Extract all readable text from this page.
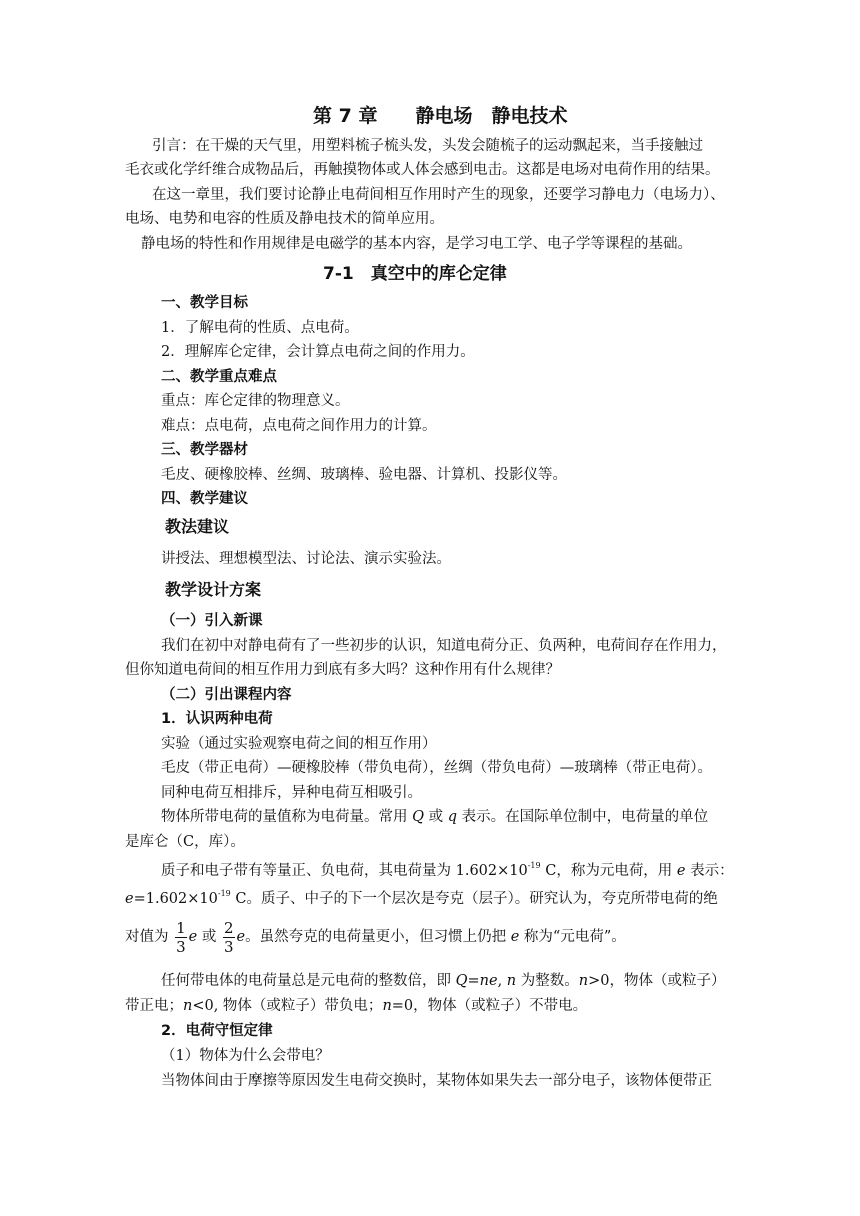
第 7 章　　静电场　静电技术
引言：在干燥的天气里，用塑料梳子梳头发，头发会随梳子的运动飘起来，当手接触过
毛衣或化学纤维合成物品后，再触摸物体或人体会感到电击。这都是电场对电荷作用的结果。
在这一章里，我们要讨论静止电荷间相互作用时产生的现象，还要学习静电力（电场力）、
电场、电势和电容的性质及静电技术的简单应用。
静电场的特性和作用规律是电磁学的基本内容，是学习电工学、电子学等课程的基础。
7-1　真空中的库仑定律
一、教学目标
1．了解电荷的性质、点电荷。
2．理解库仑定律，会计算点电荷之间的作用力。
二、教学重点难点
重点：库仑定律的物理意义。
难点：点电荷，点电荷之间作用力的计算。
三、教学器材
毛皮、硬橡胶棒、丝绸、玻璃棒、验电器、计算机、投影仪等。
四、教学建议
教法建议
讲授法、理想模型法、讨论法、演示实验法。
教学设计方案
（一）引入新课
我们在初中对静电荷有了一些初步的认识，知道电荷分正、负两种，电荷间存在作用力，
但你知道电荷间的相互作用力到底有多大吗？这种作用有什么规律？
（二）引出课程内容
1．认识两种电荷
实验（通过实验观察电荷之间的相互作用）
毛皮（带正电荷）—硬橡胶棒（带负电荷），丝绸（带负电荷）—玻璃棒（带正电荷）。
同种电荷互相排斥，异种电荷互相吸引。
物体所带电荷的量值称为电荷量。常用 Q 或 q 表示。在国际单位制中，电荷量的单位
是库仑（C，库）。
质子和电子带有等量正、负电荷，其电荷量为 $1.602\times 10^{-19}$ C，称为元电荷，用 e 表示：
$e=1.602\times 10^{-19}$ C。质子、中子的下一个层次是夸克（层子）。研究认为，夸克所带电荷的绝
对值为 $\frac{1}{3}$ e 或 $\frac{2}{3}$ e。虽然夸克的电荷量更小，但习惯上仍把 e 称为“元电荷”。
任何带电体的电荷量总是元电荷的整数倍，即 Q=ne, n 为整数。n>0，物体（或粒子）
带正电；n<0, 物体（或粒子）带负电；n=0，物体（或粒子）不带电。
2．电荷守恒定律
（1）物体为什么会带电？
当物体间由于摩擦等原因发生电荷交换时，某物体如果失去一部分电子，该物体便带正
